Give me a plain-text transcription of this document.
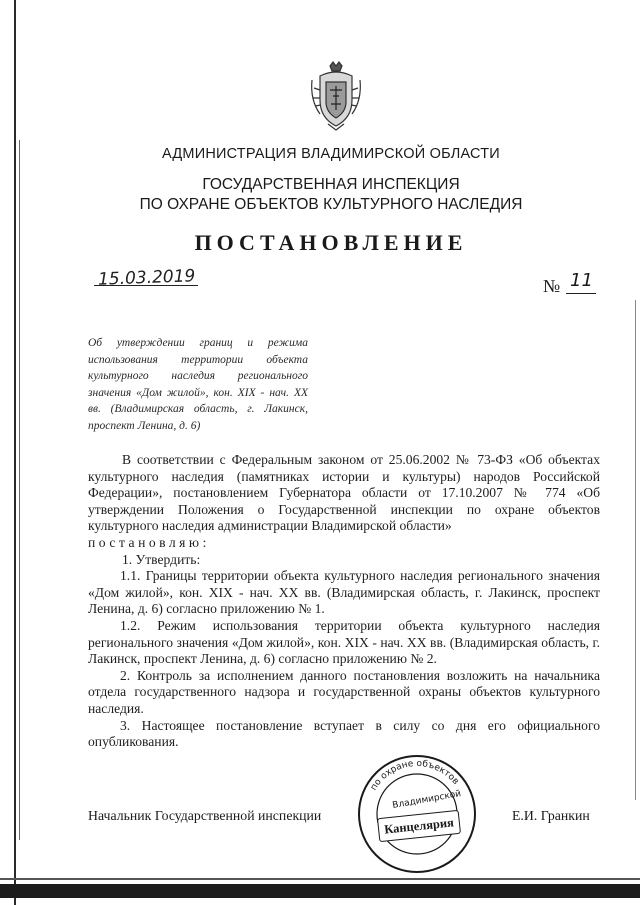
АДМИНИСТРАЦИЯ ВЛАДИМИРСКОЙ ОБЛАСТИ
ГОСУДАРСТВЕННАЯ ИНСПЕКЦИЯ
ПО ОХРАНЕ ОБЪЕКТОВ КУЛЬТУРНОГО НАСЛЕДИЯ
ПОСТАНОВЛЕНИЕ
15.03.2019	№ 11
Об утверждении границ и режима использования территории объекта культурного наследия регионального значения «Дом жилой», кон. XIX - нач. XX вв. (Владимирская область, г. Лакинск, проспект Ленина, д. 6)

В соответствии с Федеральным законом от 25.06.2002 № 73-ФЗ «Об объектах культурного наследия (памятниках истории и культуры) народов Российской Федерации», постановлением Губернатора области от 17.10.2007 № 774 «Об утверждении Положения о Государственной инспекции по охране объектов культурного наследия администрации Владимирской области»

постановляю:

1. Утвердить:

1.1. Границы территории объекта культурного наследия регионального значения «Дом жилой», кон. XIX - нач. XX вв. (Владимирская область, г. Лакинск, проспект Ленина, д. 6) согласно приложению № 1.

1.2. Режим использования территории объекта культурного наследия регионального значения «Дом жилой», кон. XIX - нач. XX вв. (Владимирская область, г. Лакинск, проспект Ленина, д. 6) согласно приложению № 2.

2. Контроль за исполнением данного постановления возложить на начальника отдела государственного надзора и государственной охраны объектов культурного наследия.

3. Настоящее постановление вступает в силу со дня его официального опубликования.

Начальник Государственной инспекции	Е.И. Гранкин
по охране объектов
Владимирской
Канцелярия
